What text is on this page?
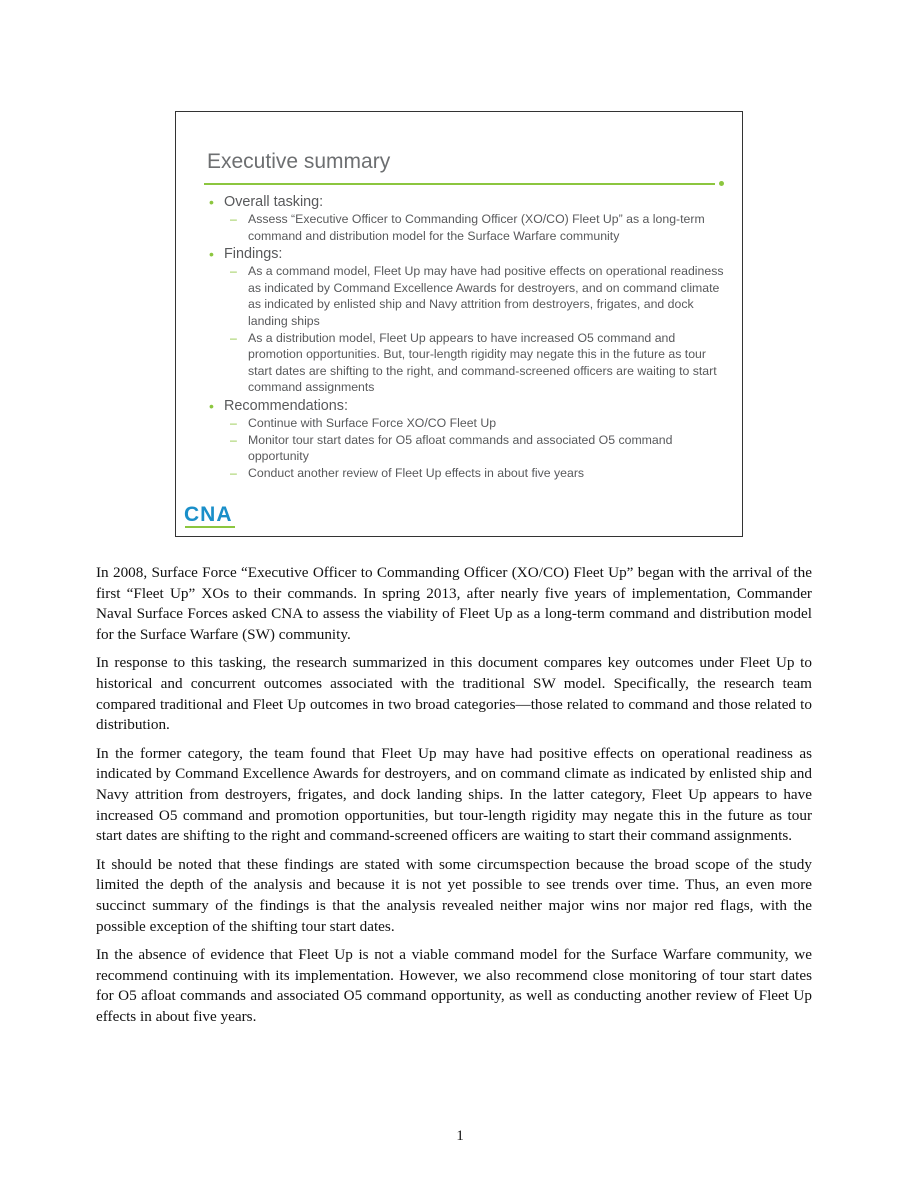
Executive summary
• Overall tasking:
– Assess “Executive Officer to Commanding Officer (XO/CO) Fleet Up” as a long-term command and distribution model for the Surface Warfare community
• Findings:
– As a command model, Fleet Up may have had positive effects on operational readiness as indicated by Command Excellence Awards for destroyers, and on command climate as indicated by enlisted ship and Navy attrition from destroyers, frigates, and dock landing ships
– As a distribution model, Fleet Up appears to have increased O5 command and promotion opportunities. But, tour-length rigidity may negate this in the future as tour start dates are shifting to the right, and command-screened officers are waiting to start command assignments
• Recommendations:
– Continue with Surface Force XO/CO Fleet Up
– Monitor tour start dates for O5 afloat commands and associated O5 command opportunity
– Conduct another review of Fleet Up effects in about five years
CNA

In 2008, Surface Force “Executive Officer to Commanding Officer (XO/CO) Fleet Up” began with the arrival of the first “Fleet Up” XOs to their commands. In spring 2013, after nearly five years of implementation, Commander Naval Surface Forces asked CNA to assess the viability of Fleet Up as a long-term command and distribution model for the Surface Warfare (SW) community.

In response to this tasking, the research summarized in this document compares key outcomes under Fleet Up to historical and concurrent outcomes associated with the traditional SW model. Specifically, the research team compared traditional and Fleet Up outcomes in two broad categories—those related to command and those related to distribution.

In the former category, the team found that Fleet Up may have had positive effects on operational readiness as indicated by Command Excellence Awards for destroyers, and on command climate as indicated by enlisted ship and Navy attrition from destroyers, frigates, and dock landing ships. In the latter category, Fleet Up appears to have increased O5 command and promotion opportunities, but tour-length rigidity may negate this in the future as tour start dates are shifting to the right and command-screened officers are waiting to start their command assignments.

It should be noted that these findings are stated with some circumspection because the broad scope of the study limited the depth of the analysis and because it is not yet possible to see trends over time. Thus, an even more succinct summary of the findings is that the analysis revealed neither major wins nor major red flags, with the possible exception of the shifting tour start dates.

In the absence of evidence that Fleet Up is not a viable command model for the Surface Warfare community, we recommend continuing with its implementation. However, we also recommend close monitoring of tour start dates for O5 afloat commands and associated O5 command opportunity, as well as conducting another review of Fleet Up effects in about five years.

1
